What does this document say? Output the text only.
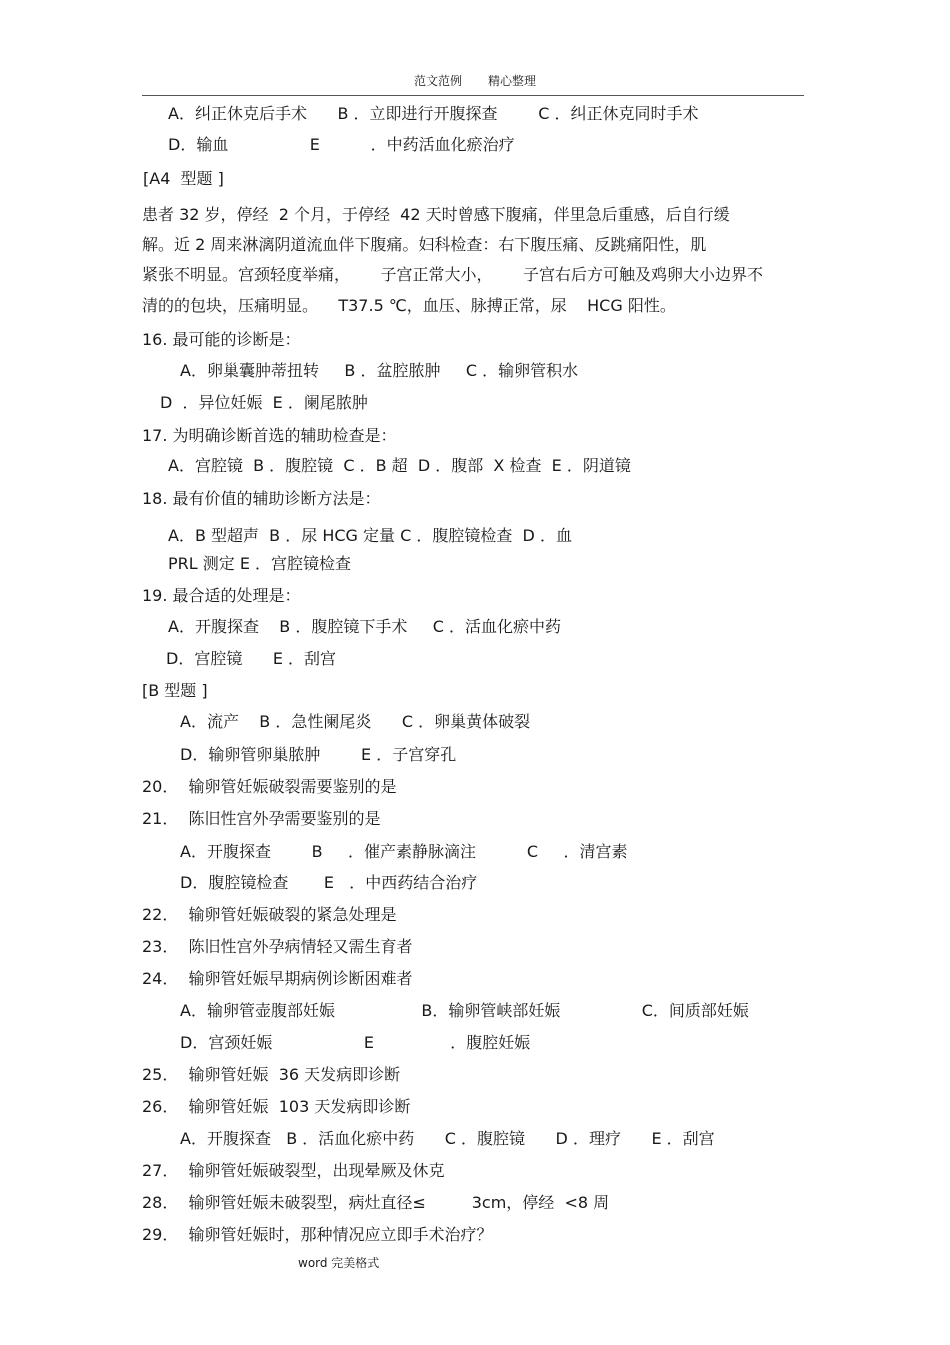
范文范例 精心整理
A．纠正休克后手术      B ．立即进行开腹探查        C ．纠正休克同时手术
D．输血                E          ．中药活血化瘀治疗
[A4  型题 ]
患者 32 岁，停经  2 个月，于停经  42 天时曾感下腹痛，伴里急后重感，后自行缓
解。近 2 周来淋漓阴道流血伴下腹痛。妇科检查：右下腹压痛、反跳痛阳性，肌
紧张不明显。宫颈轻度举痛，      子宫正常大小，      子宫右后方可触及鸡卵大小边界不
清的的包块，压痛明显。    T37.5 ℃，血压、脉搏正常，尿    HCG 阳性。
16. 最可能的诊断是：
A．卵巢囊肿蒂扭转     B ．盆腔脓肿     C ．输卵管积水
D  ．异位妊娠  E ．阑尾脓肿
17. 为明确诊断首选的辅助检查是：
A．宫腔镜  B ．腹腔镜  C ．B 超  D ．腹部  X 检查  E ．阴道镜
18. 最有价值的辅助诊断方法是：
A．B 型超声  B ．尿 HCG 定量 C ．腹腔镜检查  D ．血
PRL 测定 E ．宫腔镜检查
19. 最合适的处理是：
A．开腹探查    B ．腹腔镜下手术     C ．活血化瘀中药
D．宫腔镜      E ．刮宫
[B 型题 ]
A．流产    B ．急性阑尾炎      C ．卵巢黄体破裂
D．输卵管卵巢脓肿        E ．子宫穿孔
20．  输卵管妊娠破裂需要鉴别的是
21．  陈旧性宫外孕需要鉴别的是
A．开腹探查        B     ．催产素静脉滴注          C     ．清宫素
D．腹腔镜检查       E   ．中西药结合治疗
22．  输卵管妊娠破裂的紧急处理是
23．  陈旧性宫外孕病情轻又需生育者
24．  输卵管妊娠早期病例诊断困难者
A．输卵管壶腹部妊娠                 B．输卵管峡部妊娠                C．间质部妊娠
D．宫颈妊娠                  E               ．腹腔妊娠
25．  输卵管妊娠  36 天发病即诊断
26．  输卵管妊娠  103 天发病即诊断
A．开腹探查   B ．活血化瘀中药      C ．腹腔镜      D ．理疗      E ．刮宫
27．  输卵管妊娠破裂型，出现晕厥及休克
28．  输卵管妊娠未破裂型，病灶直径≤         3cm，停经  <8 周
29．  输卵管妊娠时，那种情况应立即手术治疗？
word 完美格式
